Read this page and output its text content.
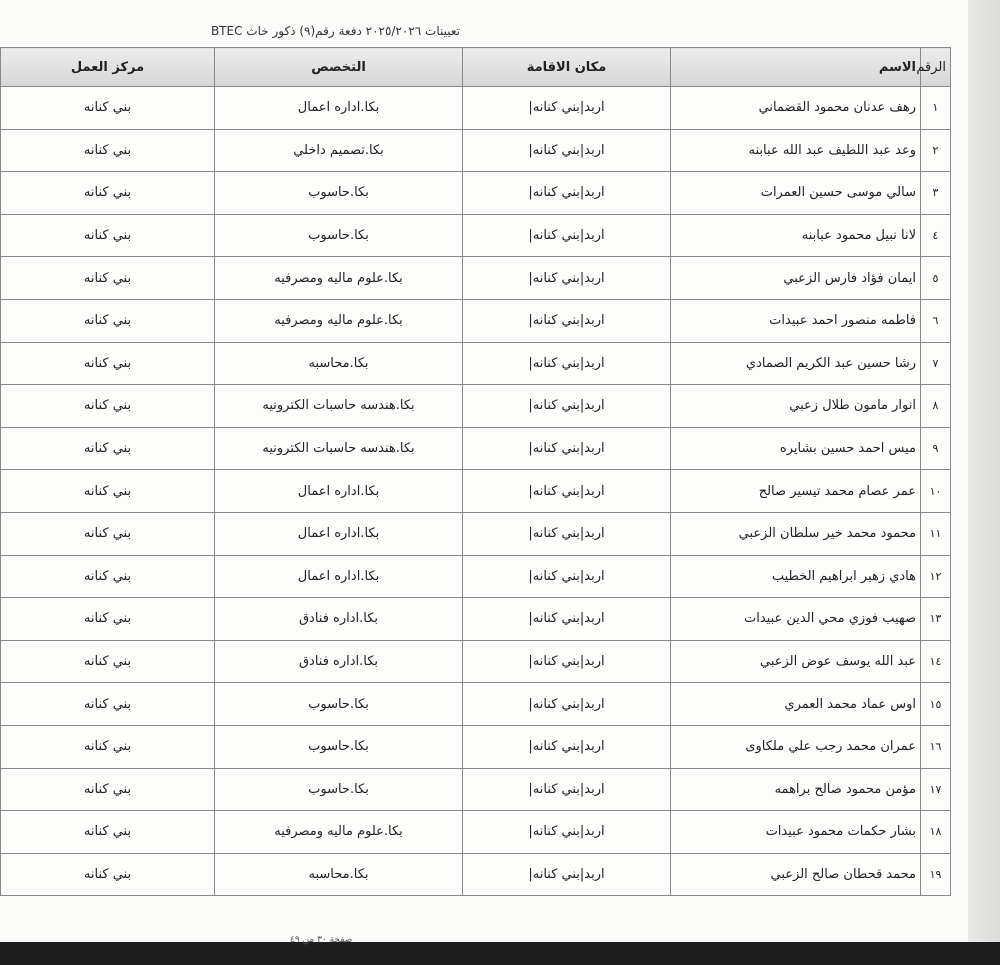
تعيينات ٢٠٢٥/٢٠٢٦ دفعة رقم(٩) ذكور خاث BTEC
الرقم	الاسم	مكان الاقامة	التخصص	مركز العمل
١	رهف عدنان محمود القضماني	اربد|بني كنانه|	بكا.اداره اعمال	بني كنانه
٢	وعد عبد اللطيف عبد الله عبابنه	اربد|بني كنانه|	بكا.تصميم داخلي	بني كنانه
٣	سالي موسى حسين العمرات	اربد|بني كنانه|	بكا.حاسوب	بني كنانه
٤	لانا نبيل محمود عبابنه	اربد|بني كنانه|	بكا.حاسوب	بني كنانه
٥	ايمان فؤاد فارس الزعبي	اربد|بني كنانه|	بكا.علوم ماليه ومصرفيه	بني كنانه
٦	فاطمه منصور احمد عبيدات	اربد|بني كنانه|	بكا.علوم ماليه ومصرفيه	بني كنانه
٧	رشا حسين عبد الكريم الصمادي	اربد|بني كنانه|	بكا.محاسبه	بني كنانه
٨	انوار مامون طلال زعبي	اربد|بني كنانه|	بكا.هندسه حاسبات الكترونيه	بني كنانه
٩	ميس احمد حسين بشايره	اربد|بني كنانه|	بكا.هندسه حاسبات الكترونيه	بني كنانه
١٠	عمر عصام محمد تيسير صالح	اربد|بني كنانه|	بكا.اداره اعمال	بني كنانه
١١	محمود محمد خير سلطان الزعبي	اربد|بني كنانه|	بكا.اداره اعمال	بني كنانه
١٢	هادي زهير ابراهيم الخطيب	اربد|بني كنانه|	بكا.اداره اعمال	بني كنانه
١٣	صهيب فوزي محي الدين عبيدات	اربد|بني كنانه|	بكا.اداره فنادق	بني كنانه
١٤	عبد الله يوسف عوض الزعبي	اربد|بني كنانه|	بكا.اداره فنادق	بني كنانه
١٥	اوس عماد محمد العمري	اربد|بني كنانه|	بكا.حاسوب	بني كنانه
١٦	عمران محمد رجب علي ملكاوى	اربد|بني كنانه|	بكا.حاسوب	بني كنانه
١٧	مؤمن محمود صالح براهمه	اربد|بني كنانه|	بكا.حاسوب	بني كنانه
١٨	بشار حكمات محمود عبيدات	اربد|بني كنانه|	بكا.علوم ماليه ومصرفيه	بني كنانه
١٩	محمد قحطان صالح الزعبي	اربد|بني كنانه|	بكا.محاسبه	بني كنانه
صفحة ٣٠ من ٤٩
